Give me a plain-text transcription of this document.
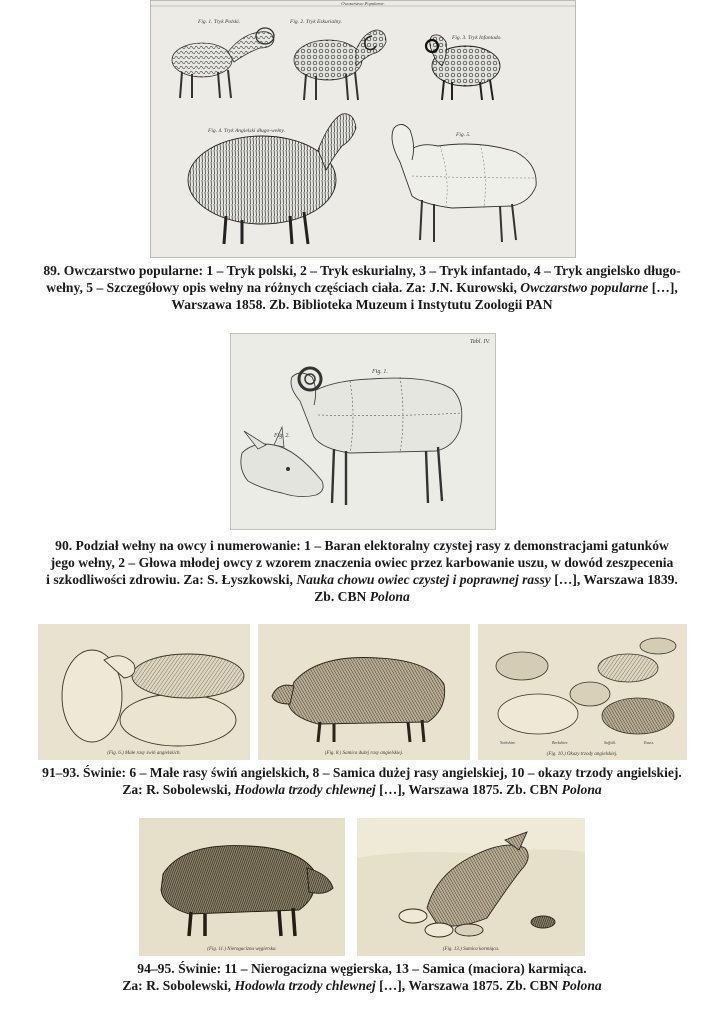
Owczarstwo Popularne.
Fig. 1. Tryk Polski.	Fig. 2. Tryk Eskurialny.
Fig. 3. Tryk Infantado.
Fig. 4. Tryk Angielski długo-wełny.
Fig. 5.
89. Owczarstwo popularne: 1 – Tryk polski, 2 – Tryk eskurialny, 3 – Tryk infantado, 4 – Tryk angielsko długo-
wełny, 5 – Szczegółowy opis wełny na różnych częściach ciała. Za: J.N. Kurowski, Owczarstwo popularne […],
Warszawa 1858. Zb. Biblioteka Muzeum i Instytutu Zoologii PAN
Tabl. IV.
Fig. 1.
Fig. 2.
90. Podział wełny na owcy i numerowanie: 1 – Baran elektoralny czystej rasy z demonstracjami gatunków
jego wełny, 2 – Głowa młodej owcy z wzorem znaczenia owiec przez karbowanie uszu, w dowód zeszpecenia
i szkodliwości zdrowiu. Za: S. Łyszkowski, Nauka chowu owiec czystej i poprawnej rassy […], Warszawa 1839.
Zb. CBN Polona
(Fig. 6.) Małe rasy świń angielskich.	(Fig. 8.) Samica dużej rasy angielskiej.
Yorkshire.	Berkshire.	Suffolk.	Essex.
(Fig. 10.) Okazy trzody angielskiej.
91–93. Świnie: 6 – Małe rasy świń angielskich, 8 – Samica dużej rasy angielskiej, 10 – okazy trzody angielskiej.
Za: R. Sobolewski, Hodowla trzody chlewnej […], Warszawa 1875. Zb. CBN Polona
(Fig. 11.) Nierogacizna węgierska.	(Fig. 13.) Samica karmiąca.
94–95. Świnie: 11 – Nierogacizna węgierska, 13 – Samica (maciora) karmiąca.
Za: R. Sobolewski, Hodowla trzody chlewnej […], Warszawa 1875. Zb. CBN Polona
